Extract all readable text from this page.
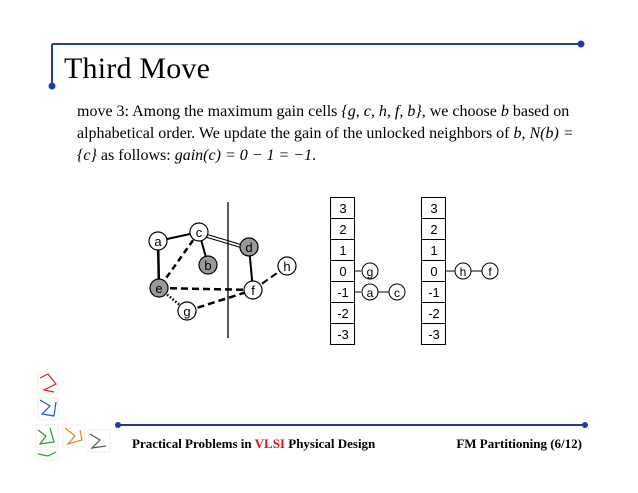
Third Move
move 3: Among the maximum gain cells {g, c, h, f, b}, we choose b based on alphabetical order. We update the gain of the unlocked neighbors of b, N(b) = {c} as follows: gain(c) = 0 − 1 = −1.
a
c
b
d
h
e	f
g
3
2
1
0
-1
-2
-3
g
a c
3
2
1
0
-1
-2
-3
h f
Practical Problems in VLSI Physical Design	FM Partitioning (6/12)
